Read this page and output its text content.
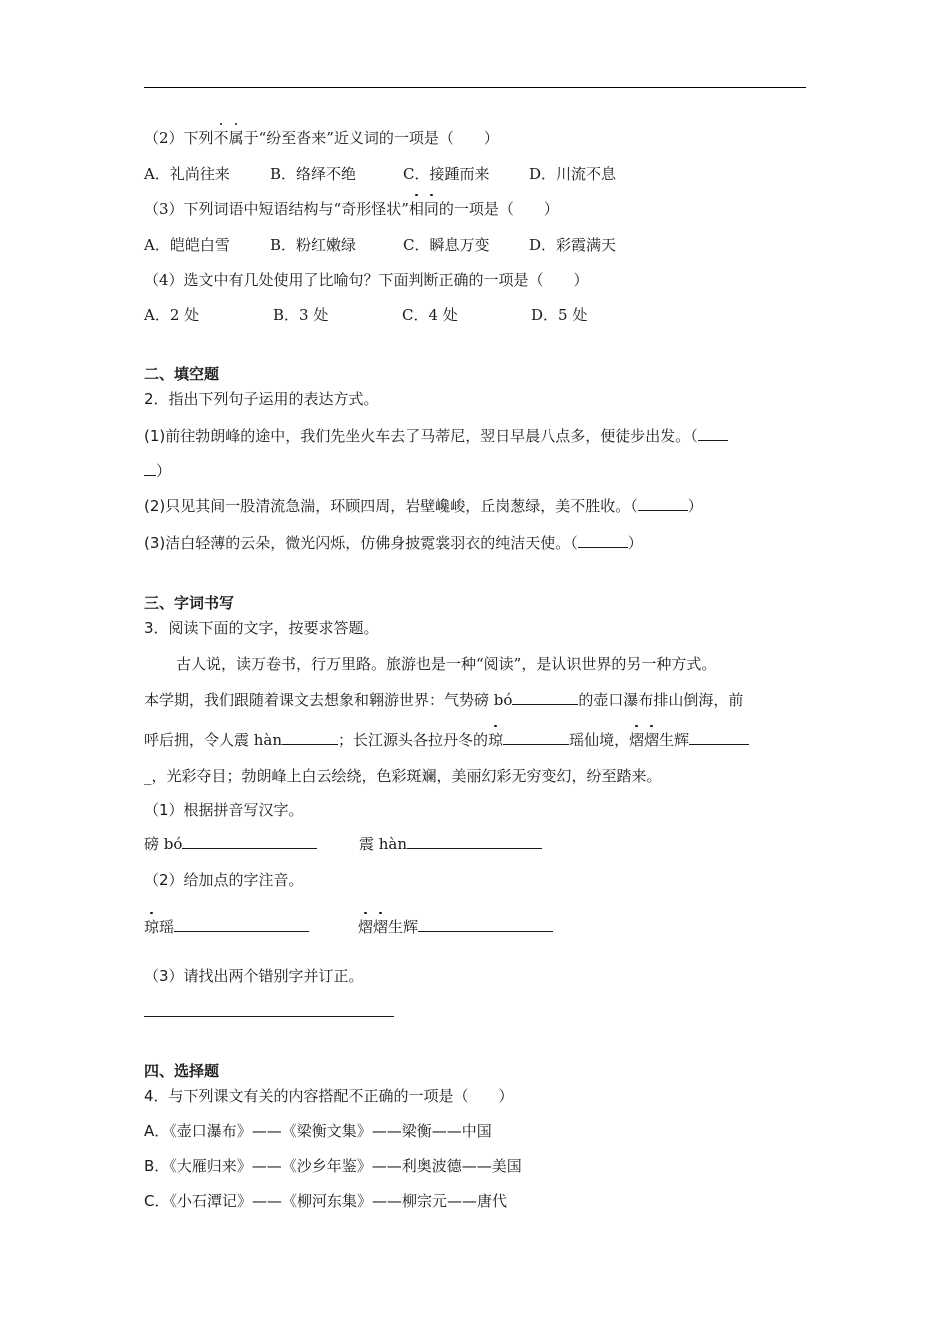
（2）下列不属于“纷至沓来”近义词的一项是（　　）
A．礼尚往来	B．络绎不绝	C．接踵而来	D．川流不息
（3）下列词语中短语结构与“奇形怪状”相同的一项是（　　）
A．皑皑白雪	B．粉红嫩绿	C．瞬息万变	D．彩霞满天
（4）选文中有几处使用了比喻句？下面判断正确的一项是（　　）
A．2 处	B．3 处	C．4 处	D．5 处
二、填空题
2．指出下列句子运用的表达方式。
(1)前往勃朗峰的途中，我们先坐火车去了马蒂尼，翌日早晨八点多，便徒步出发。（
）
(2)只见其间一股清流急湍，环顾四周，岩壁巉峻，丘岗葱绿，美不胜收。（	）
(3)洁白轻薄的云朵，微光闪烁，仿佛身披霓裳羽衣的纯洁天使。（	）
三、字词书写
3．阅读下面的文字，按要求答题。
古人说，读万卷书，行万里路。旅游也是一种“阅读”，是认识世界的另一种方式。
本学期，我们跟随着课文去想象和翱游世界：气势磅 bó	的壶口瀑布排山倒海，前
呼后拥，令人震 hàn	；长江源头各拉丹冬的琼	瑶仙境，熠熠生辉
_，光彩夺目；勃朗峰上白云绘绕，色彩斑斓，美丽幻彩无穷变幻，纷至踏来。
（1）根据拼音写汉字。
磅 bó	震 hàn
（2）给加点的字注音。
琼瑶	熠熠生辉
（3）请找出两个错别字并订正。
四、选择题
4．与下列课文有关的内容搭配不正确的一项是（　　）
A．《壶口瀑布》——《梁衡文集》——梁衡——中国
B．《大雁归来》——《沙乡年鉴》——利奥波德——美国
C．《小石潭记》——《柳河东集》——柳宗元——唐代
